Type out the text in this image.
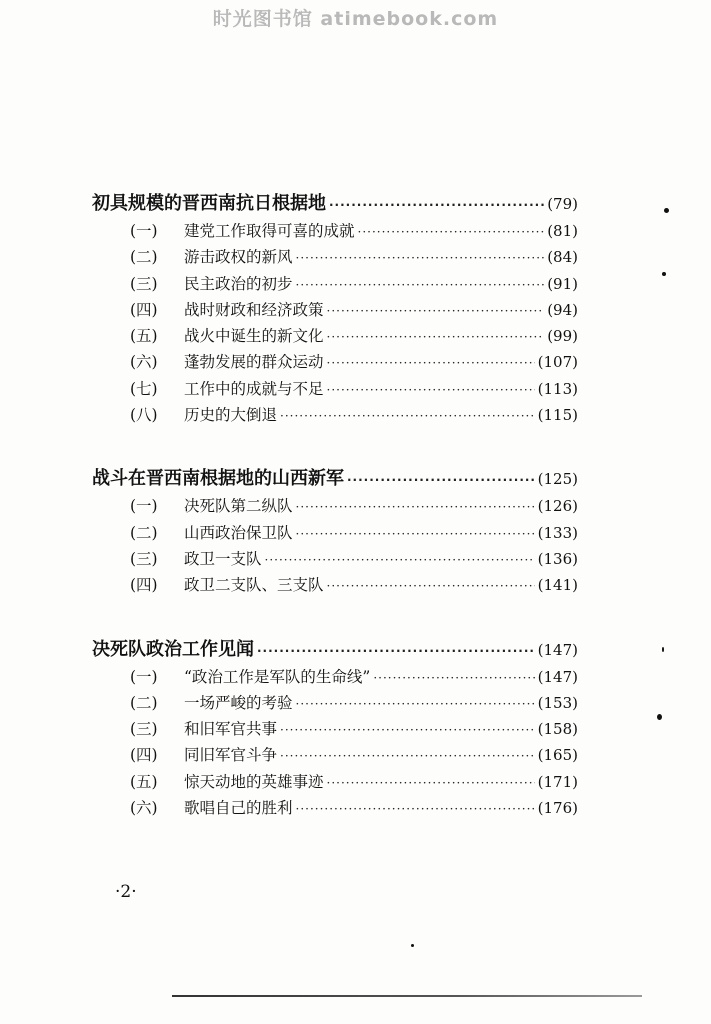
时光图书馆 atimebook.com
初具规模的晋西南抗日根据地 ·····	(79)
(一)	建党工作取得可喜的成就 ·····	(81)
(二)	游击政权的新风 ·····	(84)
(三)	民主政治的初步 ·····	(91)
(四)	战时财政和经济政策 ·····	(94)
(五)	战火中诞生的新文化 ·····	(99)
(六)	蓬勃发展的群众运动 ·····	(107)
(七)	工作中的成就与不足 ·····	(113)
(八)	历史的大倒退 ·····	(115)
战斗在晋西南根据地的山西新军 ·····	(125)
(一)	决死队第二纵队 ·····	(126)
(二)	山西政治保卫队 ·····	(133)
(三)	政卫一支队 ·····	(136)
(四)	政卫二支队、三支队 ·····	(141)
决死队政治工作见闻 ·····	(147)
(一)	“政治工作是军队的生命线” ·····	(147)
(二)	一场严峻的考验 ·····	(153)
(三)	和旧军官共事 ·····	(158)
(四)	同旧军官斗争 ·····	(165)
(五)	惊天动地的英雄事迹 ·····	(171)
(六)	歌唱自己的胜利 ·····	(176)
·2·
